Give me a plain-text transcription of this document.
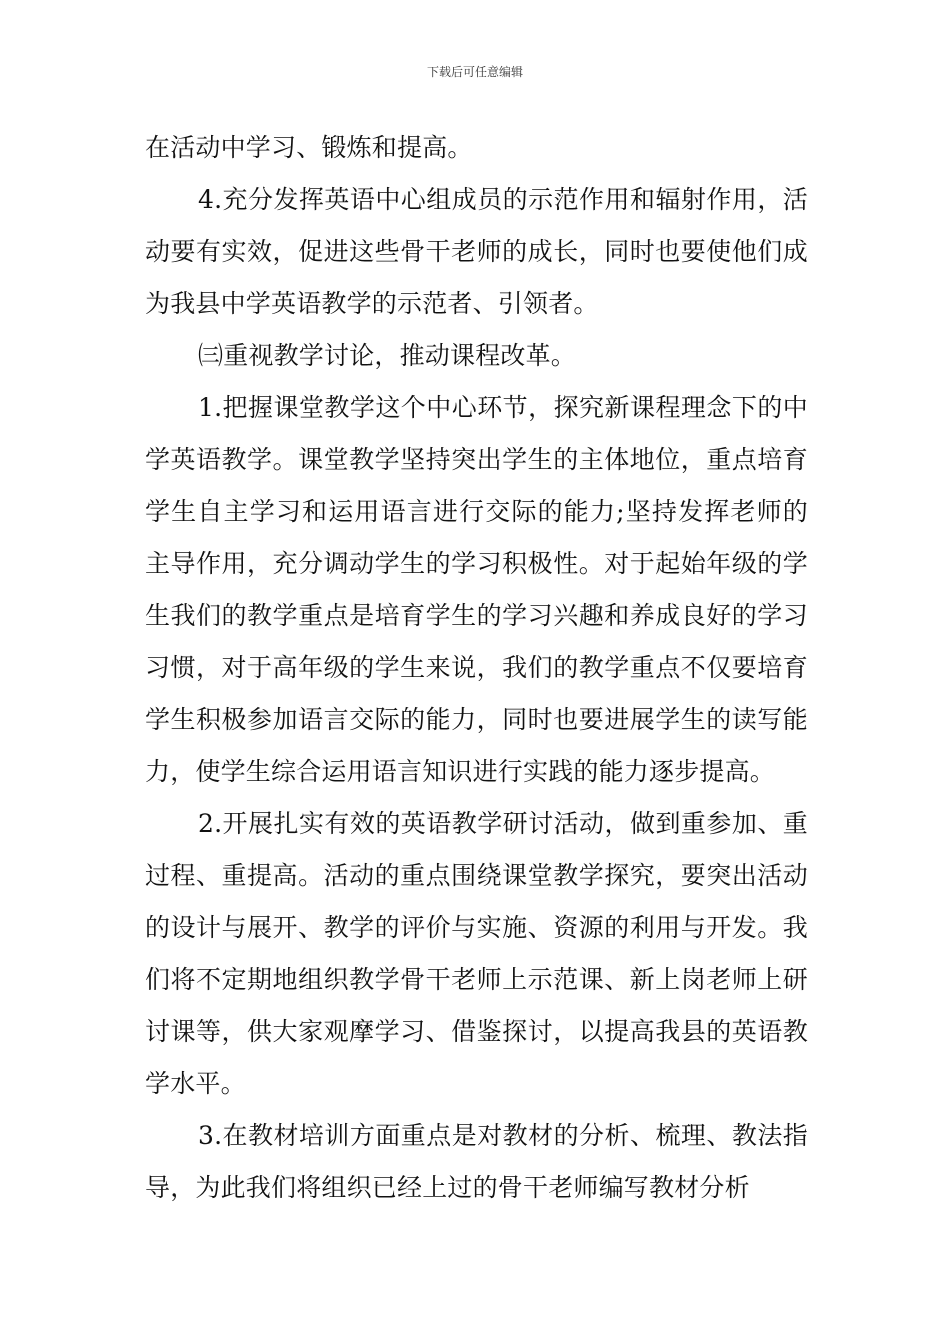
下载后可任意编辑

在活动中学习、锻炼和提高。

4.充分发挥英语中心组成员的示范作用和辐射作用，活动要有实效，促进这些骨干老师的成长，同时也要使他们成为我县中学英语教学的示范者、引领者。

㈢重视教学讨论，推动课程改革。

1.把握课堂教学这个中心环节，探究新课程理念下的中学英语教学。课堂教学坚持突出学生的主体地位，重点培育学生自主学习和运用语言进行交际的能力;坚持发挥老师的主导作用，充分调动学生的学习积极性。对于起始年级的学生我们的教学重点是培育学生的学习兴趣和养成良好的学习习惯，对于高年级的学生来说，我们的教学重点不仅要培育学生积极参加语言交际的能力，同时也要进展学生的读写能力，使学生综合运用语言知识进行实践的能力逐步提高。

2.开展扎实有效的英语教学研讨活动，做到重参加、重过程、重提高。活动的重点围绕课堂教学探究，要突出活动的设计与展开、教学的评价与实施、资源的利用与开发。我们将不定期地组织教学骨干老师上示范课、新上岗老师上研讨课等，供大家观摩学习、借鉴探讨，以提高我县的英语教学水平。

3.在教材培训方面重点是对教材的分析、梳理、教法指导，为此我们将组织已经上过的骨干老师编写教材分析
